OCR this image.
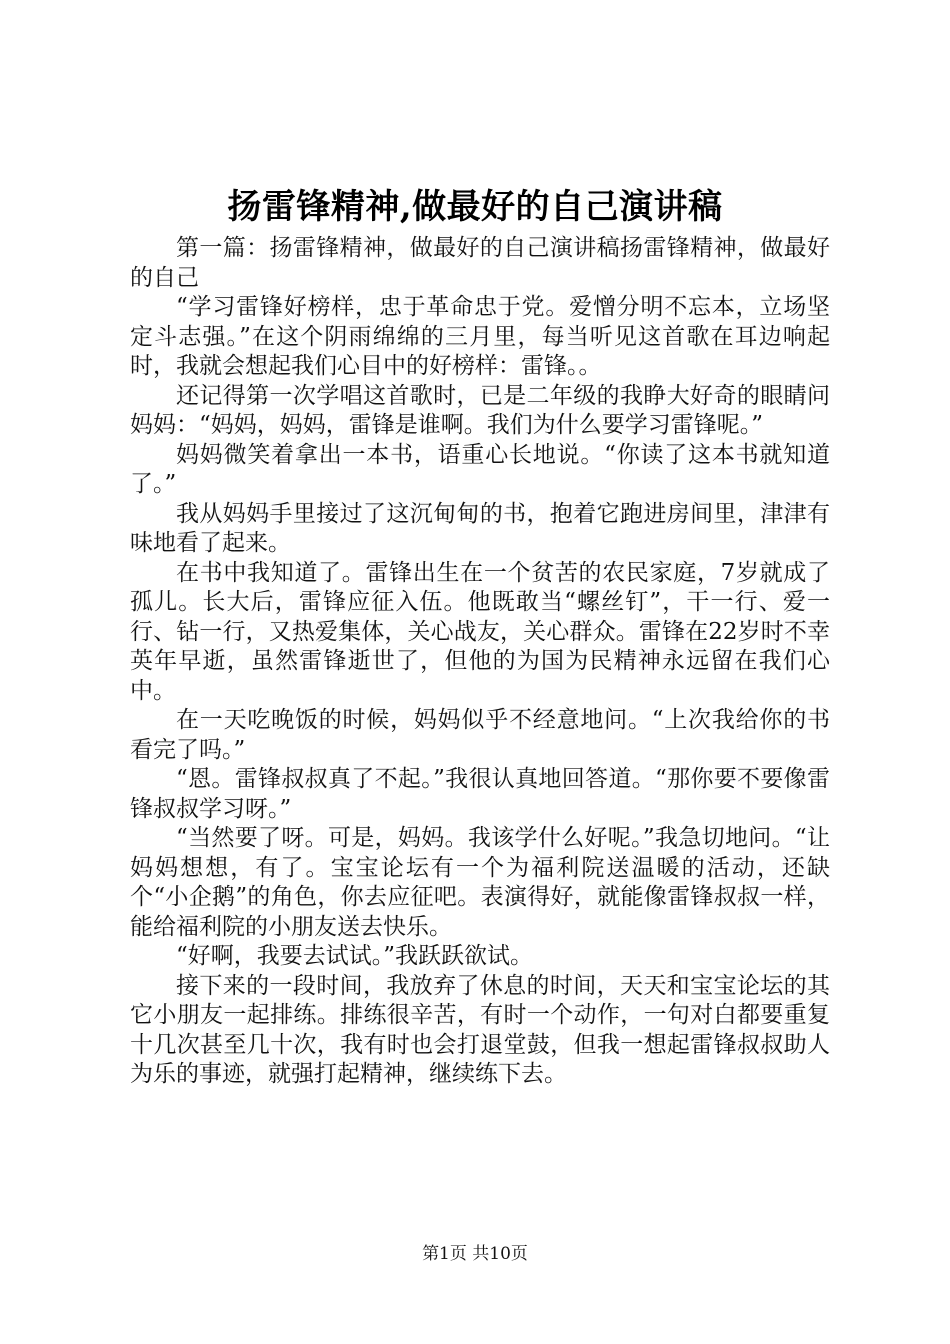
扬雷锋精神,做最好的自己演讲稿

第一篇：扬雷锋精神，做最好的自己演讲稿扬雷锋精神，做最好的自己

“学习雷锋好榜样，忠于革命忠于党。爱憎分明不忘本，立场坚定斗志强。”在这个阴雨绵绵的三月里，每当听见这首歌在耳边响起时，我就会想起我们心目中的好榜样：雷锋。。

还记得第一次学唱这首歌时，已是二年级的我睁大好奇的眼睛问妈妈：“妈妈，妈妈，雷锋是谁啊。我们为什么要学习雷锋呢。”

妈妈微笑着拿出一本书，语重心长地说。“你读了这本书就知道了。”

我从妈妈手里接过了这沉甸甸的书，抱着它跑进房间里，津津有味地看了起来。

在书中我知道了。雷锋出生在一个贫苦的农民家庭，7岁就成了孤儿。长大后，雷锋应征入伍。他既敢当“螺丝钉”，干一行、爱一行、钻一行，又热爱集体，关心战友，关心群众。雷锋在22岁时不幸英年早逝，虽然雷锋逝世了，但他的为国为民精神永远留在我们心中。

在一天吃晚饭的时候，妈妈似乎不经意地问。“上次我给你的书看完了吗。”

“恩。雷锋叔叔真了不起。”我很认真地回答道。“那你要不要像雷锋叔叔学习呀。”

“当然要了呀。可是，妈妈。我该学什么好呢。”我急切地问。“让妈妈想想，有了。宝宝论坛有一个为福利院送温暖的活动，还缺个“小企鹅”的角色，你去应征吧。表演得好，就能像雷锋叔叔一样，能给福利院的小朋友送去快乐。

“好啊，我要去试试。”我跃跃欲试。

接下来的一段时间，我放弃了休息的时间，天天和宝宝论坛的其它小朋友一起排练。排练很辛苦，有时一个动作，一句对白都要重复十几次甚至几十次，我有时也会打退堂鼓，但我一想起雷锋叔叔助人为乐的事迹，就强打起精神，继续练下去。

第1页 共10页
